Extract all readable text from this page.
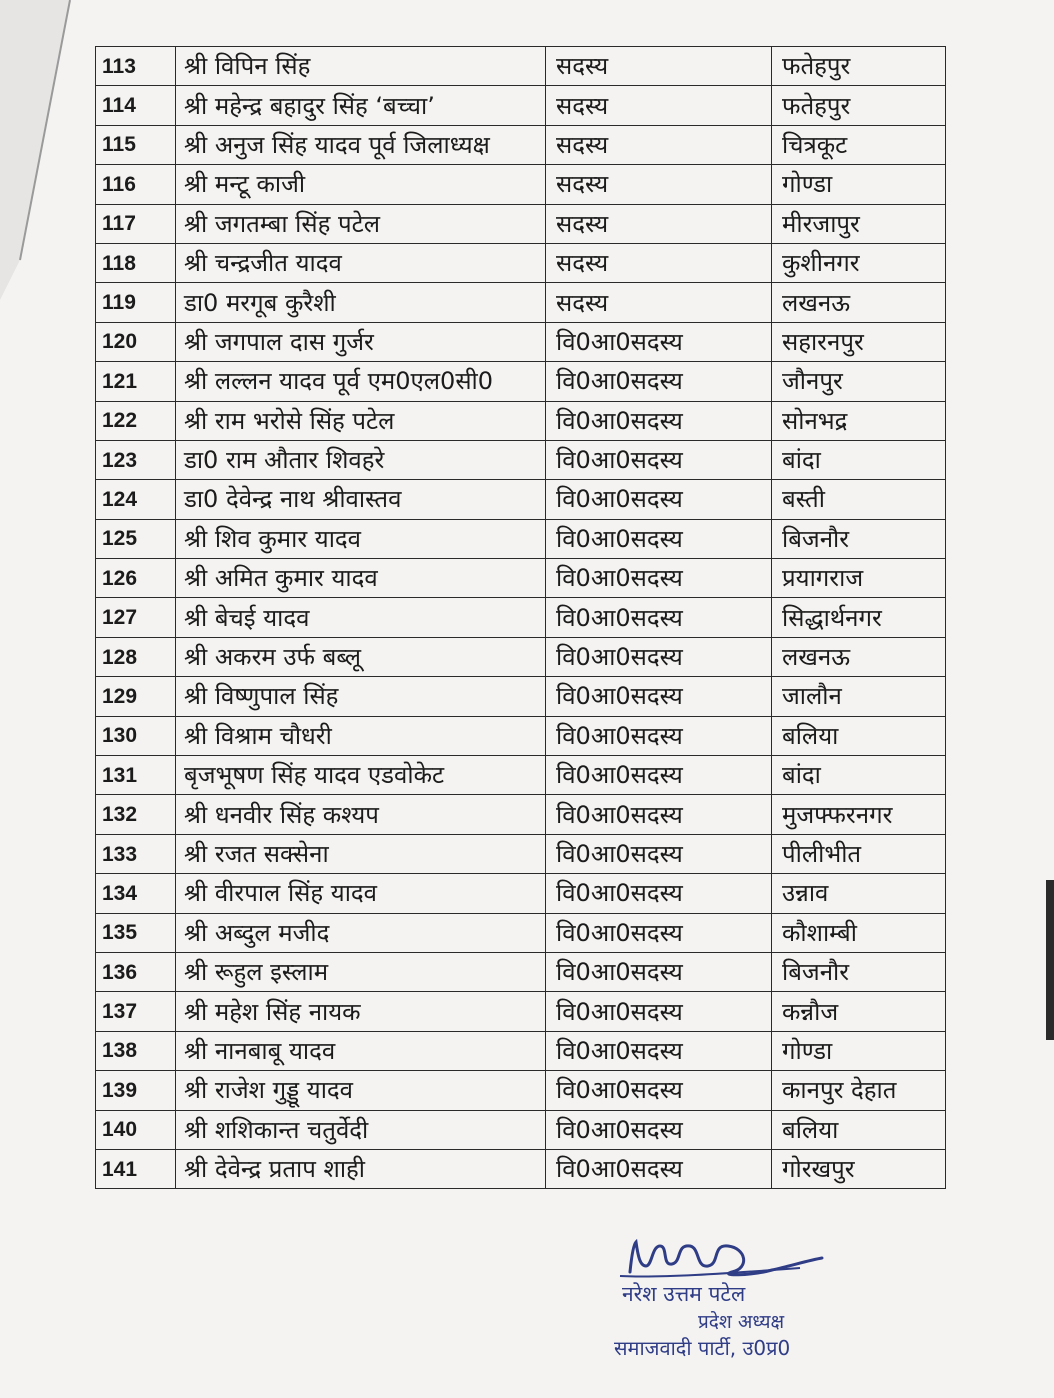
113	श्री विपिन सिंह	सदस्य	फतेहपुर
114	श्री महेन्द्र बहादुर सिंह ‘बच्चा’	सदस्य	फतेहपुर
115	श्री अनुज सिंह यादव पूर्व जिलाध्यक्ष	सदस्य	चित्रकूट
116	श्री मन्टू काजी	सदस्य	गोण्डा
117	श्री जगतम्बा सिंह पटेल	सदस्य	मीरजापुर
118	श्री चन्द्रजीत यादव	सदस्य	कुशीनगर
119	डा0 मरगूब कुरैशी	सदस्य	लखनऊ
120	श्री जगपाल दास गुर्जर	वि0आ0सदस्य	सहारनपुर
121	श्री लल्लन यादव पूर्व एम0एल0सी0	वि0आ0सदस्य	जौनपुर
122	श्री राम भरोसे सिंह पटेल	वि0आ0सदस्य	सोनभद्र
123	डा0 राम औतार शिवहरे	वि0आ0सदस्य	बांदा
124	डा0 देवेन्द्र नाथ श्रीवास्तव	वि0आ0सदस्य	बस्ती
125	श्री शिव कुमार यादव	वि0आ0सदस्य	बिजनौर
126	श्री अमित कुमार यादव	वि0आ0सदस्य	प्रयागराज
127	श्री बेचई यादव	वि0आ0सदस्य	सिद्धार्थनगर
128	श्री अकरम उर्फ बब्लू	वि0आ0सदस्य	लखनऊ
129	श्री विष्णुपाल सिंह	वि0आ0सदस्य	जालौन
130	श्री विश्राम चौधरी	वि0आ0सदस्य	बलिया
131	बृजभूषण सिंह यादव एडवोकेट	वि0आ0सदस्य	बांदा
132	श्री धनवीर सिंह कश्यप	वि0आ0सदस्य	मुजफ्फरनगर
133	श्री रजत सक्सेना	वि0आ0सदस्य	पीलीभीत
134	श्री वीरपाल सिंह यादव	वि0आ0सदस्य	उन्नाव
135	श्री अब्दुल मजीद	वि0आ0सदस्य	कौशाम्बी
136	श्री रूहुल इस्लाम	वि0आ0सदस्य	बिजनौर
137	श्री महेश सिंह नायक	वि0आ0सदस्य	कन्नौज
138	श्री नानबाबू यादव	वि0आ0सदस्य	गोण्डा
139	श्री राजेश गुड्डू यादव	वि0आ0सदस्य	कानपुर देहात
140	श्री शशिकान्त चतुर्वेदी	वि0आ0सदस्य	बलिया
141	श्री देवेन्द्र प्रताप शाही	वि0आ0सदस्य	गोरखपुर
नरेश उत्तम पटेल
प्रदेश अध्यक्ष
समाजवादी पार्टी, उ0प्र0
